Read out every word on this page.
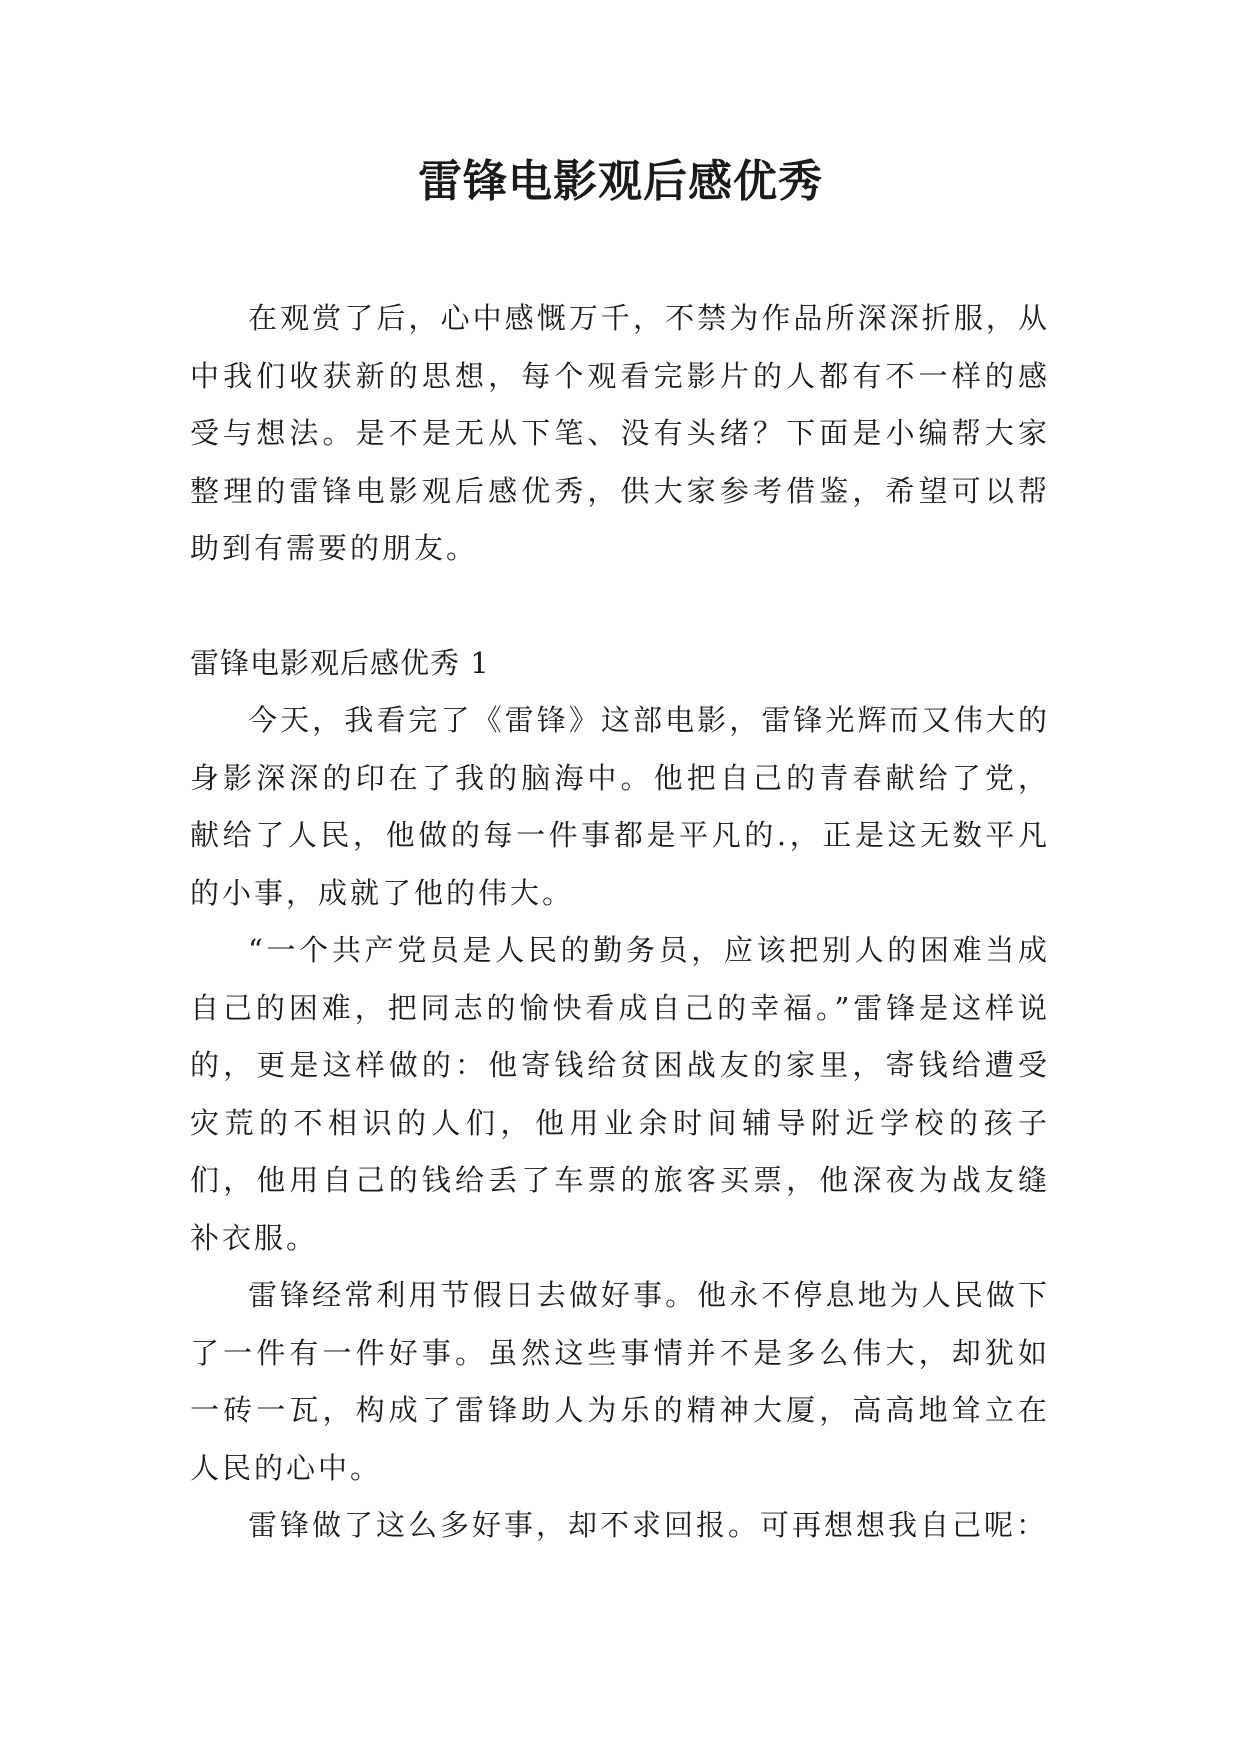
雷锋电影观后感优秀

在观赏了后，心中感慨万千，不禁为作品所深深折服，从中我们收获新的思想，每个观看完影片的人都有不一样的感受与想法。是不是无从下笔、没有头绪？下面是小编帮大家整理的雷锋电影观后感优秀，供大家参考借鉴，希望可以帮助到有需要的朋友。

雷锋电影观后感优秀 1

今天，我看完了《雷锋》这部电影，雷锋光辉而又伟大的身影深深的印在了我的脑海中。他把自己的青春献给了党，献给了人民，他做的每一件事都是平凡的.，正是这无数平凡的小事，成就了他的伟大。

“一个共产党员是人民的勤务员，应该把别人的困难当成自己的困难，把同志的愉快看成自己的幸福。”雷锋是这样说的，更是这样做的：他寄钱给贫困战友的家里，寄钱给遭受灾荒的不相识的人们，他用业余时间辅导附近学校的孩子们，他用自己的钱给丢了车票的旅客买票，他深夜为战友缝补衣服。

雷锋经常利用节假日去做好事。他永不停息地为人民做下了一件有一件好事。虽然这些事情并不是多么伟大，却犹如一砖一瓦，构成了雷锋助人为乐的精神大厦，高高地耸立在人民的心中。

雷锋做了这么多好事，却不求回报。可再想想我自己呢：
